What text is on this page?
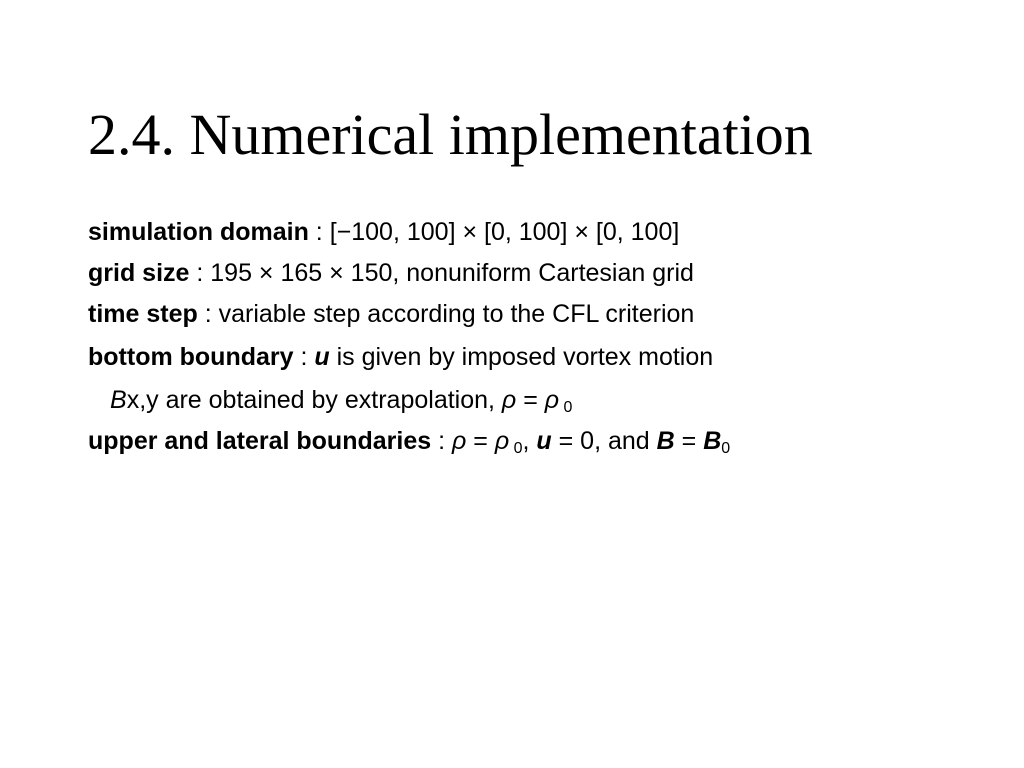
2.4. Numerical implementation
simulation domain : [−100, 100] × [0, 100] × [0, 100]
grid size : 195 × 165 × 150, nonuniform Cartesian grid
time step : variable step according to the CFL criterion
bottom boundary : u is given by imposed vortex motion
Bx,y are obtained by extrapolation, ρ = ρ $_0$
upper and lateral boundaries : ρ = ρ $_0$, u = 0, and $B = B_0$
